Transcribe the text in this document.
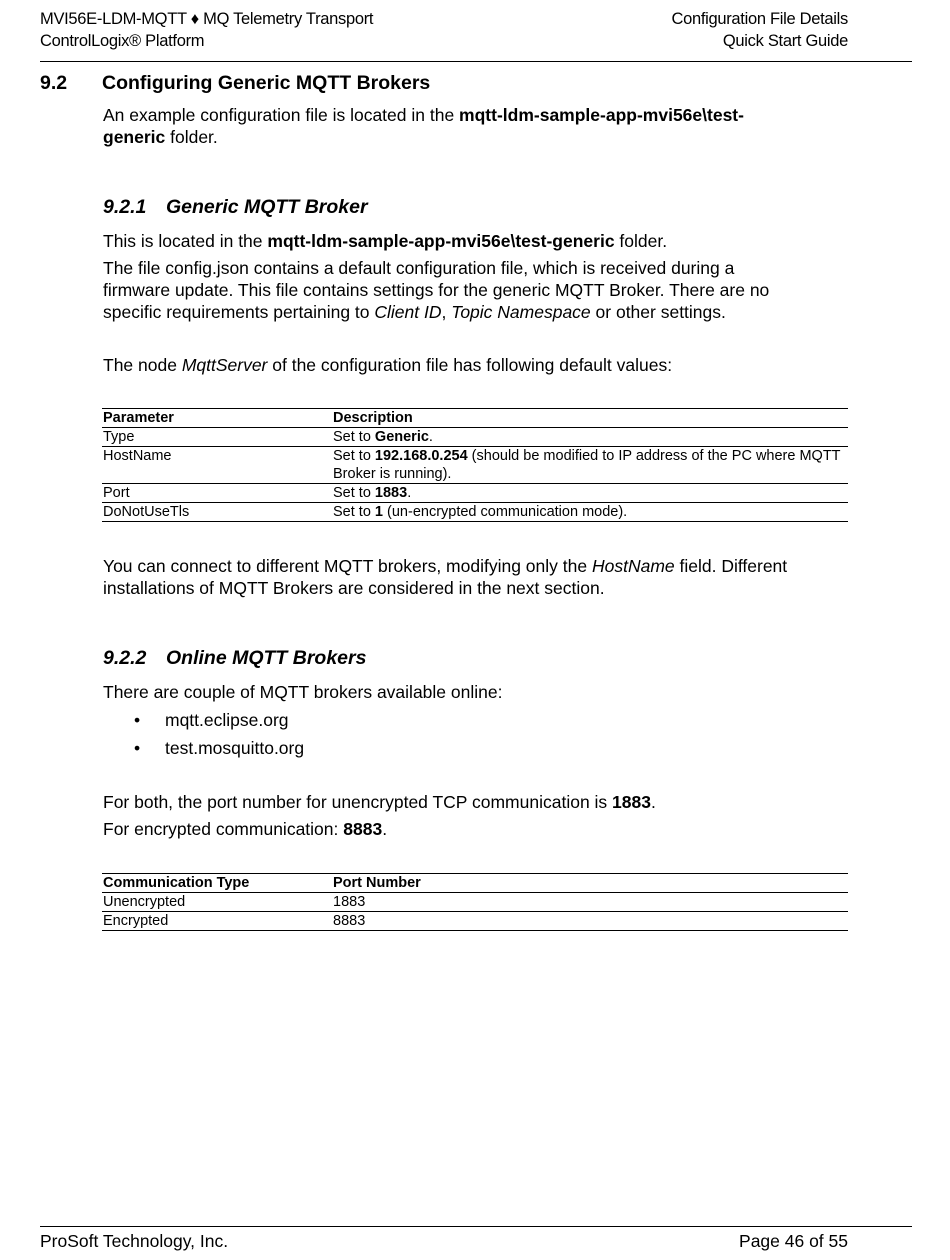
MVI56E-LDM-MQTT ♦ MQ Telemetry Transport
ControlLogix® Platform
Configuration File Details
Quick Start Guide
9.2 Configuring Generic MQTT Brokers
An example configuration file is located in the mqtt-ldm-sample-app-mvi56e\test-
generic folder.
9.2.1 Generic MQTT Broker
This is located in the mqtt-ldm-sample-app-mvi56e\test-generic folder.
The file config.json contains a default configuration file, which is received during a
firmware update. This file contains settings for the generic MQTT Broker. There are no
specific requirements pertaining to Client ID, Topic Namespace or other settings.
The node MqttServer of the configuration file has following default values:
Parameter	Description
Type	Set to Generic.
HostName	Set to 192.168.0.254 (should be modified to IP address of the PC where MQTT Broker is running).
Port	Set to 1883.
DoNotUseTls	Set to 1 (un-encrypted communication mode).
You can connect to different MQTT brokers, modifying only the HostName field. Different
installations of MQTT Brokers are considered in the next section.
9.2.2 Online MQTT Brokers
There are couple of MQTT brokers available online:
• mqtt.eclipse.org
• test.mosquitto.org
For both, the port number for unencrypted TCP communication is 1883.
For encrypted communication: 8883.
Communication Type	Port Number
Unencrypted	1883
Encrypted	8883
ProSoft Technology, Inc.	Page 46 of 55
